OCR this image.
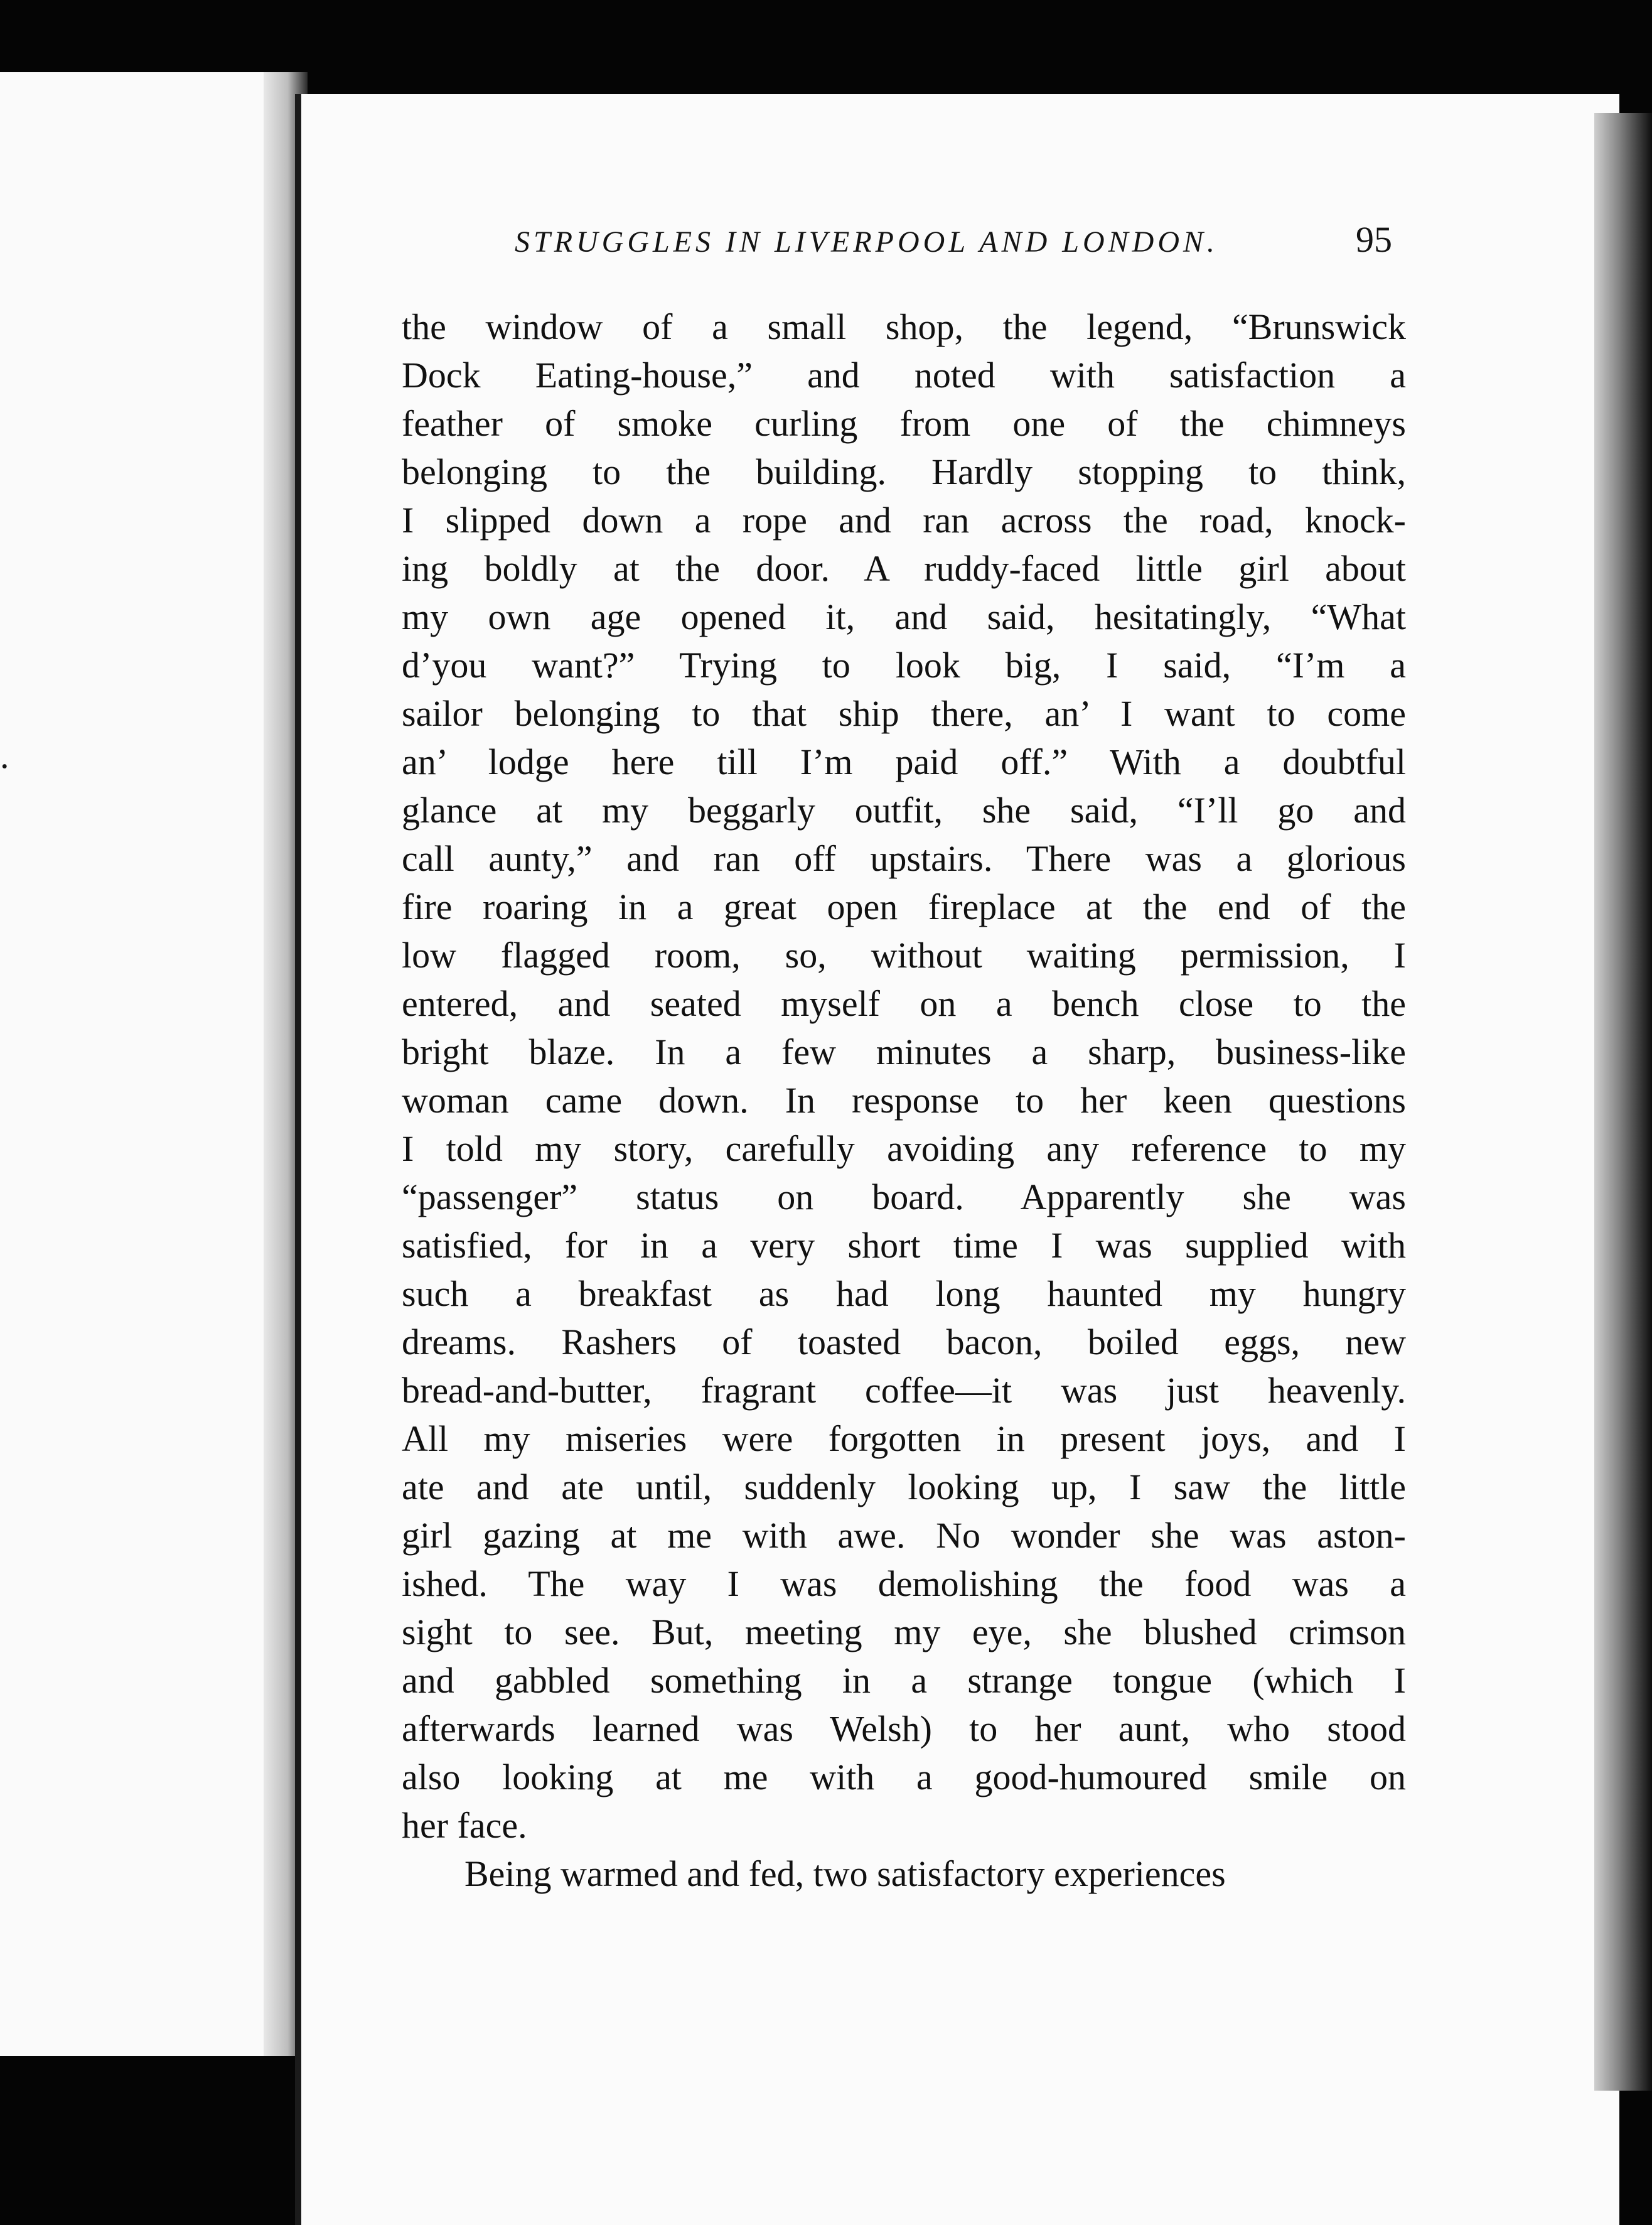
.
STRUGGLES IN LIVERPOOL AND LONDON.	95
the window of a small shop, the legend, “Brunswick
Dock Eating-house,” and noted with satisfaction a
feather of smoke curling from one of the chimneys
belonging to the building. Hardly stopping to think,
I slipped down a rope and ran across the road, knock-
ing boldly at the door. A ruddy-faced little girl about
my own age opened it, and said, hesitatingly, “What
d’you want?” Trying to look big, I said, “I’m a
sailor belonging to that ship there, an’ I want to come
an’ lodge here till I’m paid off.” With a doubtful
glance at my beggarly outfit, she said, “I’ll go and
call aunty,” and ran off upstairs. There was a glorious
fire roaring in a great open fireplace at the end of the
low flagged room, so, without waiting permission, I
entered, and seated myself on a bench close to the
bright blaze. In a few minutes a sharp, business-like
woman came down. In response to her keen questions
I told my story, carefully avoiding any reference to my
“passenger” status on board. Apparently she was
satisfied, for in a very short time I was supplied with
such a breakfast as had long haunted my hungry
dreams. Rashers of toasted bacon, boiled eggs, new
bread-and-butter, fragrant coffee—it was just heavenly.
All my miseries were forgotten in present joys, and I
ate and ate until, suddenly looking up, I saw the little
girl gazing at me with awe. No wonder she was aston-
ished. The way I was demolishing the food was a
sight to see. But, meeting my eye, she blushed crimson
and gabbled something in a strange tongue (which I
afterwards learned was Welsh) to her aunt, who stood
also looking at me with a good-humoured smile on
her face.
Being warmed and fed, two satisfactory experiences
